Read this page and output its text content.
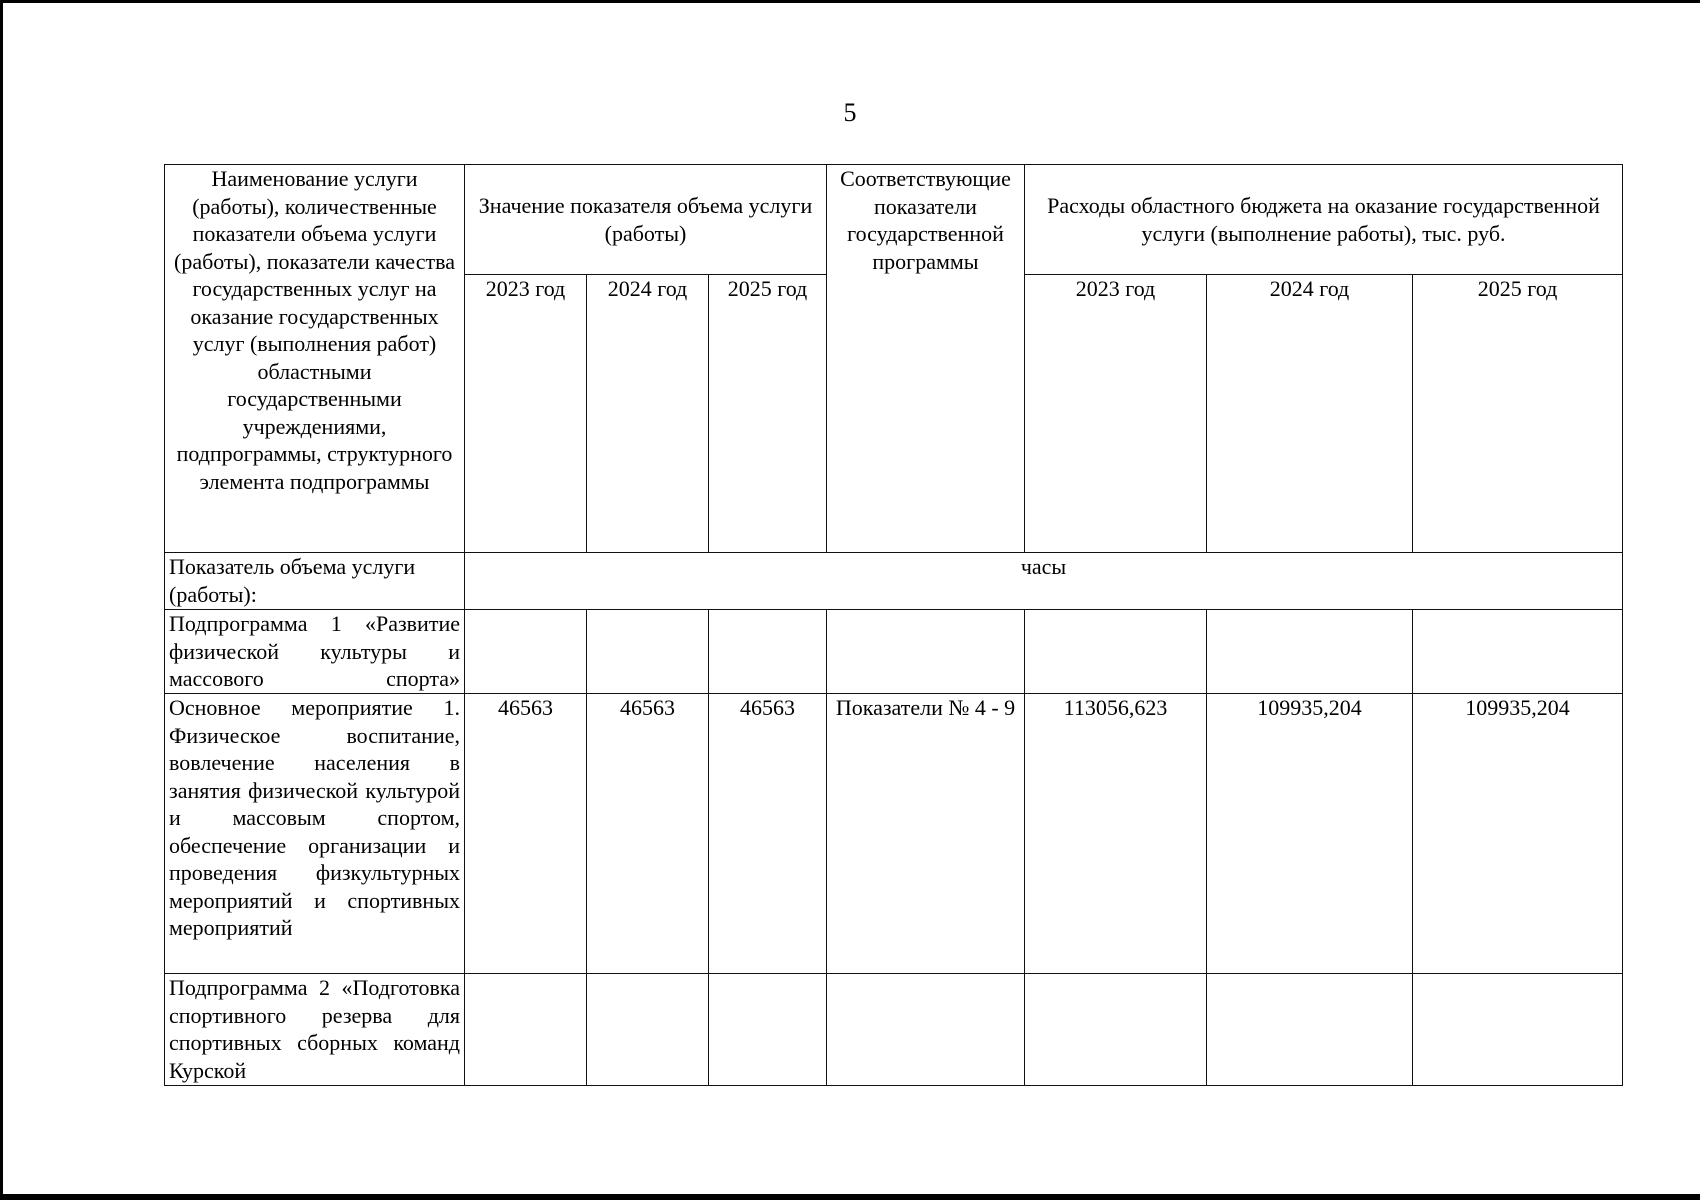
5
Наименование услуги (работы), количественные показатели объема услуги (работы), показатели качества государственных услуг на оказание государственных услуг (выполнения работ) областными государственными учреждениями, подпрограммы, структурного элемента подпрограммы	Значение показателя объема услуги (работы)			Соответствующие показатели государственной программы	Расходы областного бюджета на оказание государственной услуги (выполнение работы), тыс. руб.		
	2023 год	2024 год	2025 год		2023 год	2024 год	2025 год
Показатель объема услуги (работы):	часы						
Подпрограмма 1 «Развитие физической культуры и массового спорта»							
Основное мероприятие 1. Физическое воспитание, вовлечение населения в занятия физической культурой и массовым спортом, обеспечение организации и проведения физкультурных мероприятий и спортивных мероприятий	46563	46563	46563	Показатели № 4 - 9	113056,623	109935,204	109935,204
Подпрограмма 2 «Подготовка спортивного резерва для спортивных сборных команд Курской							
